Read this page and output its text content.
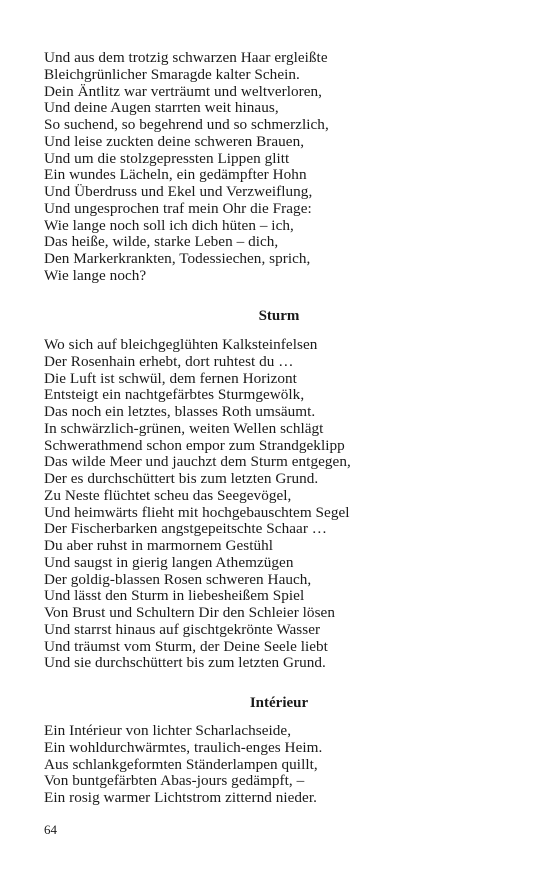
Und aus dem trotzig schwarzen Haar ergleißte
Bleichgrünlicher Smaragde kalter Schein.
Dein Äntlitz war verträumt und weltverloren,
Und deine Augen starrten weit hinaus,
So suchend, so begehrend und so schmerzlich,
Und leise zuckten deine schweren Brauen,
Und um die stolzgepressten Lippen glitt
Ein wundes Lächeln, ein gedämpfter Hohn
Und Überdruss und Ekel und Verzweiflung,
Und ungesprochen traf mein Ohr die Frage:
Wie lange noch soll ich dich hüten – ich,
Das heiße, wilde, starke Leben – dich,
Den Markerkrankten, Todessiechen, sprich,
Wie lange noch?
Sturm
Wo sich auf bleichgeglühten Kalksteinfelsen
Der Rosenhain erhebt, dort ruhtest du …
Die Luft ist schwül, dem fernen Horizont
Entsteigt ein nachtgefärbtes Sturmgewölk,
Das noch ein letztes, blasses Roth umsäumt.
In schwärzlich-grünen, weiten Wellen schlägt
Schwerathmend schon empor zum Strandgeklipp
Das wilde Meer und jauchzt dem Sturm entgegen,
Der es durchschüttert bis zum letzten Grund.
Zu Neste flüchtet scheu das Seegevögel,
Und heimwärts flieht mit hochgebauschtem Segel
Der Fischerbarken angstgepeitschte Schaar …
Du aber ruhst in marmornem Gestühl
Und saugst in gierig langen Athemzügen
Der goldig-blassen Rosen schweren Hauch,
Und lässt den Sturm in liebesheißem Spiel
Von Brust und Schultern Dir den Schleier lösen
Und starrst hinaus auf gischtgekrönte Wasser
Und träumst vom Sturm, der Deine Seele liebt
Und sie durchschüttert bis zum letzten Grund.
Intérieur
Ein Intérieur von lichter Scharlachseide,
Ein wohldurchwärmtes, traulich-enges Heim.
Aus schlankgeformten Ständerlampen quillt,
Von buntgefärbten Abas-jours gedämpft, –
Ein rosig warmer Lichtstrom zitternd nieder.
64
